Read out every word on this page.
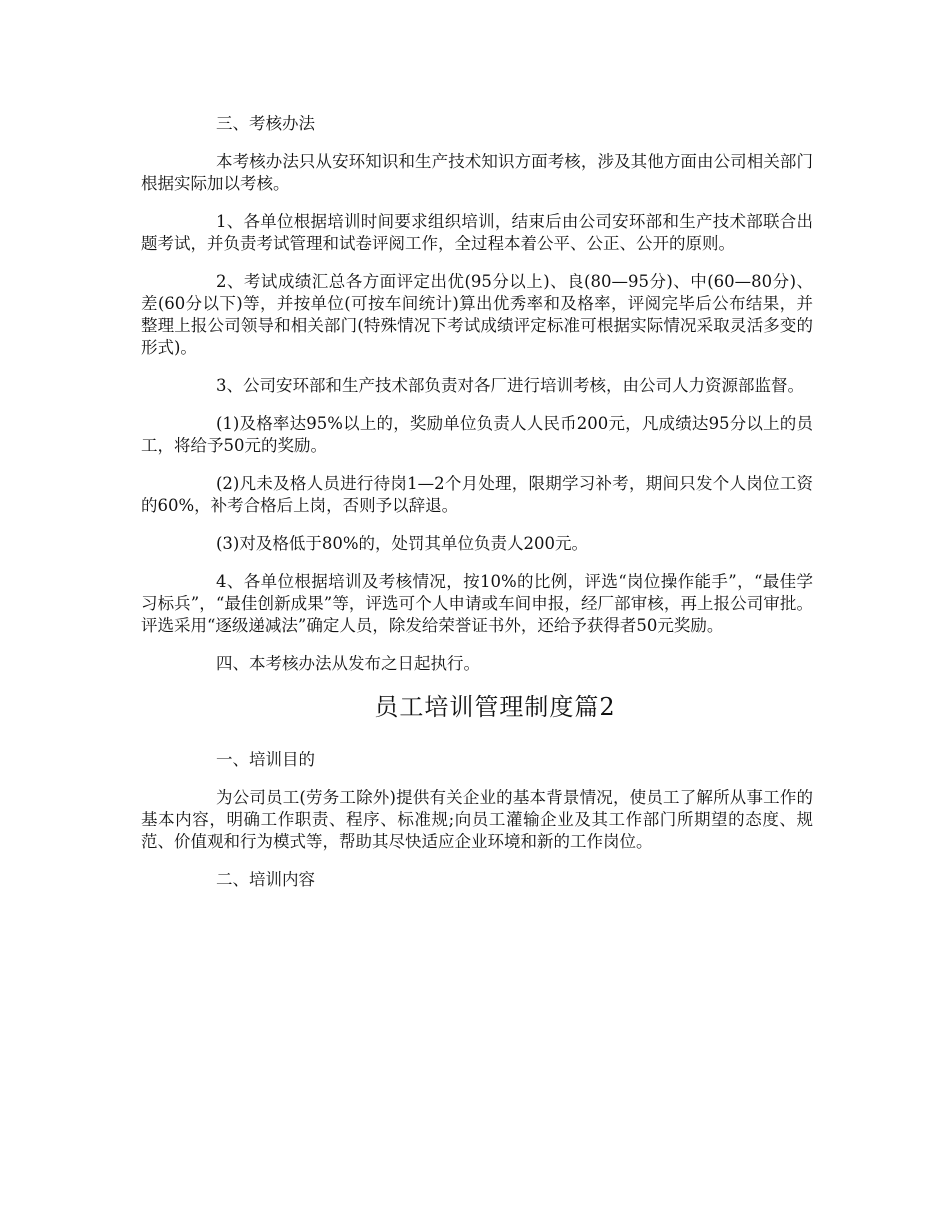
三、考核办法

本考核办法只从安环知识和生产技术知识方面考核，涉及其他方面由公司相关部门根据实际加以考核。

1、各单位根据培训时间要求组织培训，结束后由公司安环部和生产技术部联合出题考试，并负责考试管理和试卷评阅工作，全过程本着公平、公正、公开的原则。

2、考试成绩汇总各方面评定出优(95分以上)、良(80—95分)、中(60—80分)、差(60分以下)等，并按单位(可按车间统计)算出优秀率和及格率，评阅完毕后公布结果，并整理上报公司领导和相关部门(特殊情况下考试成绩评定标准可根据实际情况采取灵活多变的形式)。

3、公司安环部和生产技术部负责对各厂进行培训考核，由公司人力资源部监督。

(1)及格率达95%以上的，奖励单位负责人人民币200元，凡成绩达95分以上的员工，将给予50元的奖励。

(2)凡未及格人员进行待岗1—2个月处理，限期学习补考，期间只发个人岗位工资的60%，补考合格后上岗，否则予以辞退。

(3)对及格低于80%的，处罚其单位负责人200元。

4、各单位根据培训及考核情况，按10%的比例，评选“岗位操作能手”，“最佳学习标兵”，“最佳创新成果”等，评选可个人申请或车间申报，经厂部审核，再上报公司审批。评选采用“逐级递减法”确定人员，除发给荣誉证书外，还给予获得者50元奖励。

四、本考核办法从发布之日起执行。

员工培训管理制度篇2

一、培训目的

为公司员工(劳务工除外)提供有关企业的基本背景情况，使员工了解所从事工作的基本内容，明确工作职责、程序、标准规;向员工灌输企业及其工作部门所期望的态度、规范、价值观和行为模式等，帮助其尽快适应企业环境和新的工作岗位。

二、培训内容
